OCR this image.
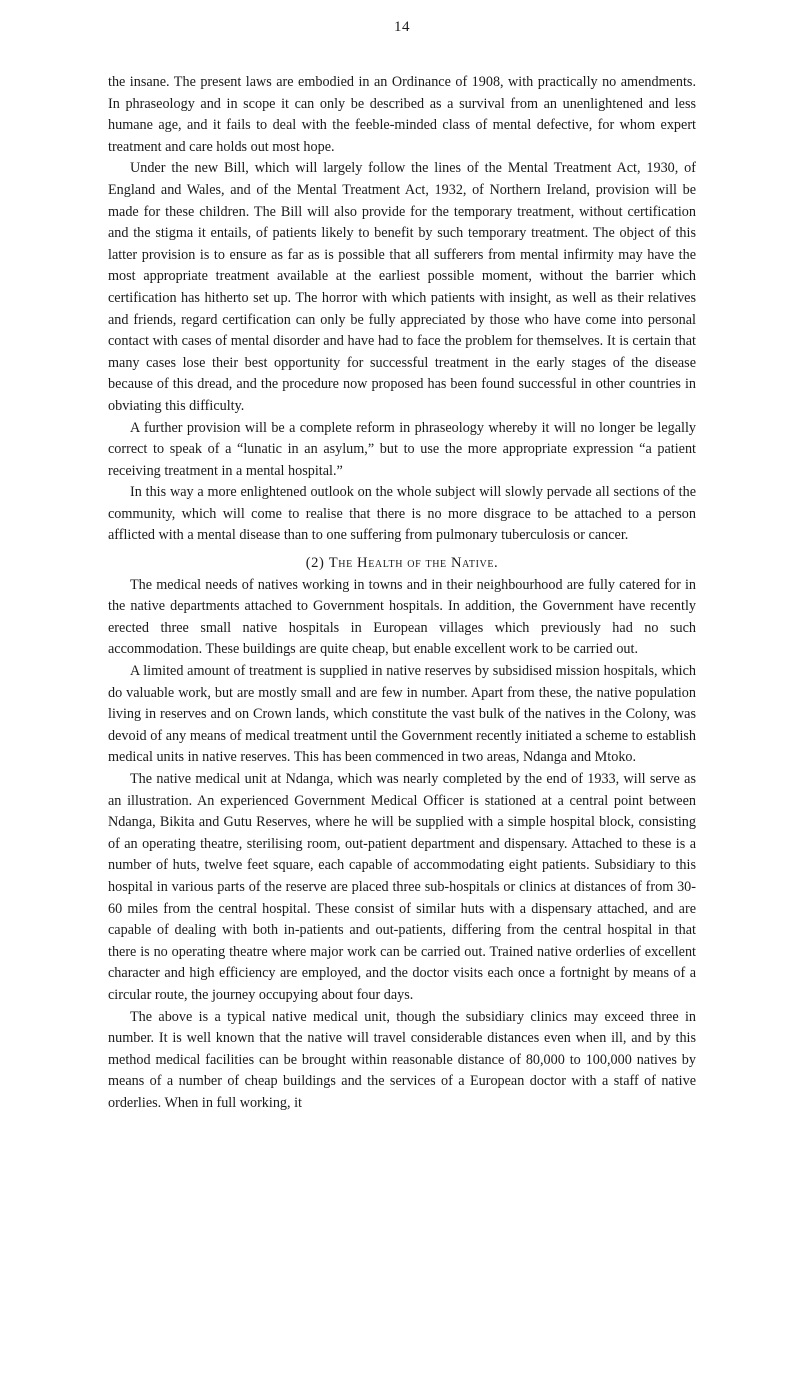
14

the insane. The present laws are embodied in an Ordinance of 1908, with practically no amendments. In phraseology and in scope it can only be described as a survival from an unenlightened and less humane age, and it fails to deal with the feeble-minded class of mental defective, for whom expert treatment and care holds out most hope.

Under the new Bill, which will largely follow the lines of the Mental Treatment Act, 1930, of England and Wales, and of the Mental Treatment Act, 1932, of Northern Ireland, provision will be made for these children. The Bill will also provide for the temporary treatment, without certification and the stigma it entails, of patients likely to benefit by such temporary treatment. The object of this latter provision is to ensure as far as is possible that all sufferers from mental infirmity may have the most appropriate treatment available at the earliest possible moment, without the barrier which certification has hitherto set up. The horror with which patients with insight, as well as their relatives and friends, regard certification can only be fully appreciated by those who have come into personal contact with cases of mental disorder and have had to face the problem for themselves. It is certain that many cases lose their best opportunity for successful treatment in the early stages of the disease because of this dread, and the procedure now proposed has been found successful in other countries in obviating this difficulty.

A further provision will be a complete reform in phraseology whereby it will no longer be legally correct to speak of a “lunatic in an asylum,” but to use the more appropriate expression “a patient receiving treatment in a mental hospital.”

In this way a more enlightened outlook on the whole subject will slowly pervade all sections of the community, which will come to realise that there is no more disgrace to be attached to a person afflicted with a mental disease than to one suffering from pulmonary tuberculosis or cancer.

(2) The Health of the Native.

The medical needs of natives working in towns and in their neighbourhood are fully catered for in the native departments attached to Government hospitals. In addition, the Government have recently erected three small native hospitals in European villages which previously had no such accommodation. These buildings are quite cheap, but enable excellent work to be carried out.

A limited amount of treatment is supplied in native reserves by subsidised mission hospitals, which do valuable work, but are mostly small and are few in number. Apart from these, the native population living in reserves and on Crown lands, which constitute the vast bulk of the natives in the Colony, was devoid of any means of medical treatment until the Government recently initiated a scheme to establish medical units in native reserves. This has been commenced in two areas, Ndanga and Mtoko.

The native medical unit at Ndanga, which was nearly completed by the end of 1933, will serve as an illustration. An experienced Government Medical Officer is stationed at a central point between Ndanga, Bikita and Gutu Reserves, where he will be supplied with a simple hospital block, consisting of an operating theatre, sterilising room, out-patient department and dispensary. Attached to these is a number of huts, twelve feet square, each capable of accommodating eight patients. Subsidiary to this hospital in various parts of the reserve are placed three sub-hospitals or clinics at distances of from 30-60 miles from the central hospital. These consist of similar huts with a dispensary attached, and are capable of dealing with both in-patients and out-patients, differing from the central hospital in that there is no operating theatre where major work can be carried out. Trained native orderlies of excellent character and high efficiency are employed, and the doctor visits each once a fortnight by means of a circular route, the journey occupying about four days.

The above is a typical native medical unit, though the subsidiary clinics may exceed three in number. It is well known that the native will travel considerable distances even when ill, and by this method medical facilities can be brought within reasonable distance of 80,000 to 100,000 natives by means of a number of cheap buildings and the services of a European doctor with a staff of native orderlies. When in full working, it
